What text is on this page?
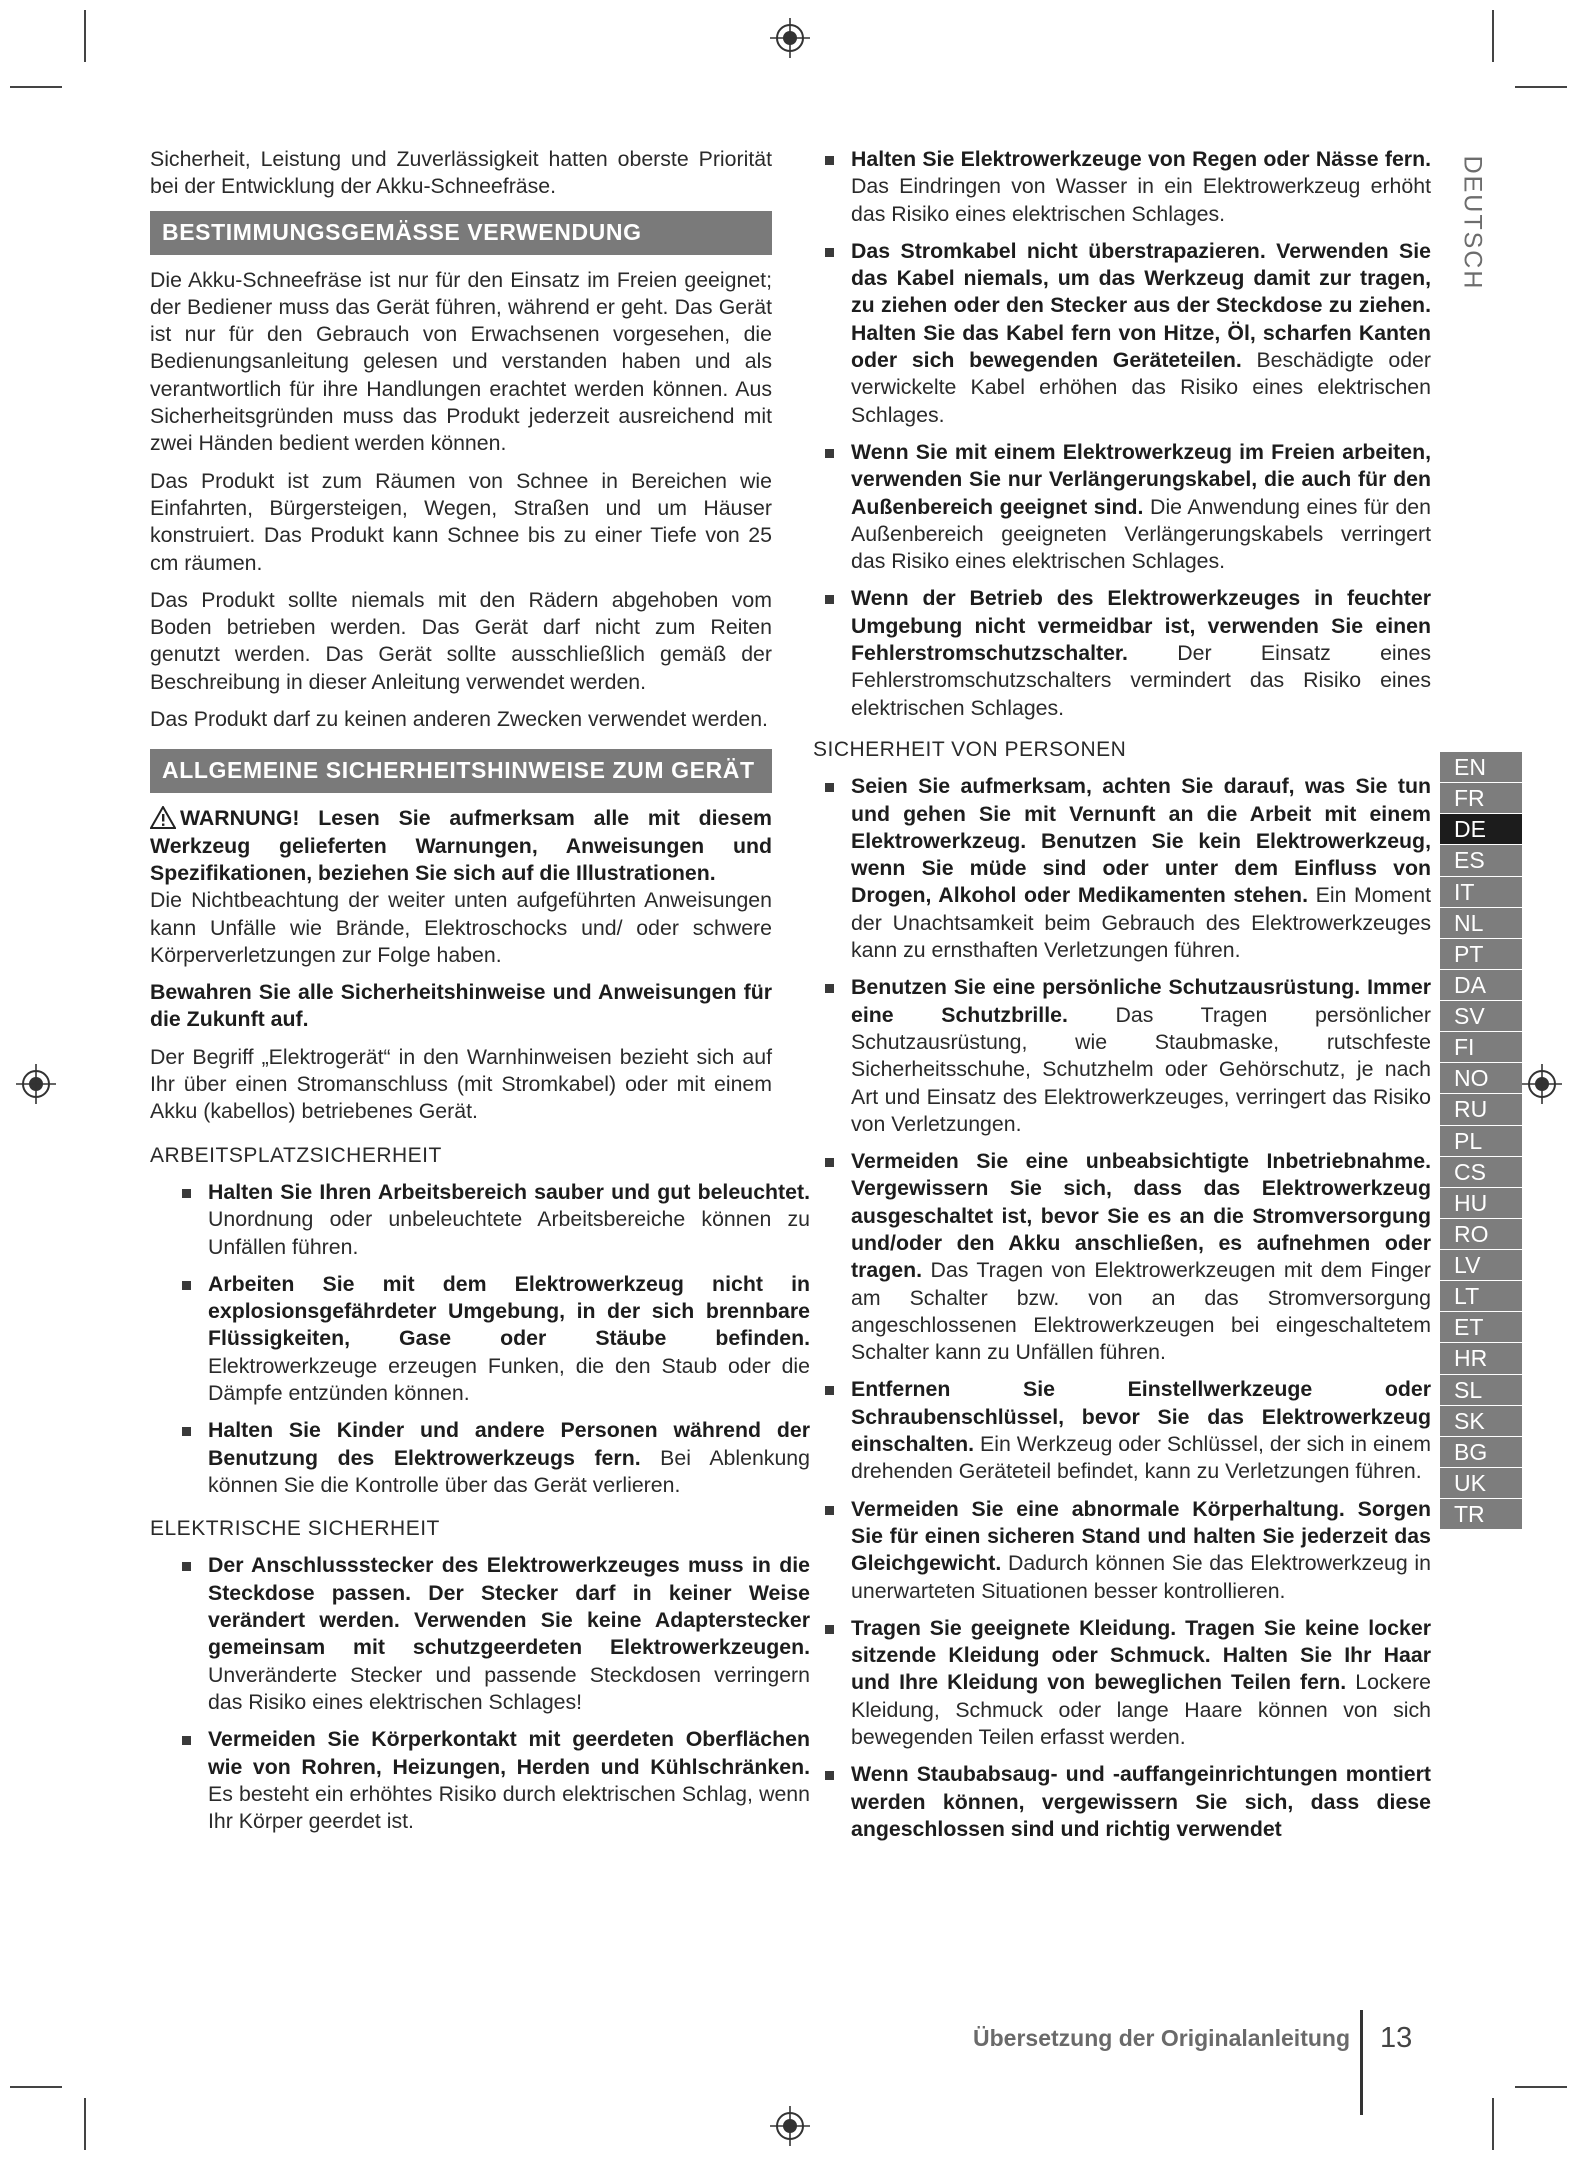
DEUTSCH

Sicherheit, Leistung und Zuverlässigkeit hatten oberste Priorität bei der Entwicklung der Akku-Schneefräse.

BESTIMMUNGSGEMÄSSE VERWENDUNG

Die Akku-Schneefräse ist nur für den Einsatz im Freien geeignet; der Bediener muss das Gerät führen, während er geht. Das Gerät ist nur für den Gebrauch von Erwachsenen vorgesehen, die Bedienungsanleitung gelesen und verstanden haben und als verantwortlich für ihre Handlungen erachtet werden können. Aus Sicherheitsgründen muss das Produkt jederzeit ausreichend mit zwei Händen bedient werden können.

Das Produkt ist zum Räumen von Schnee in Bereichen wie Einfahrten, Bürgersteigen, Wegen, Straßen und um Häuser konstruiert. Das Produkt kann Schnee bis zu einer Tiefe von 25 cm räumen.

Das Produkt sollte niemals mit den Rädern abgehoben vom Boden betrieben werden. Das Gerät darf nicht zum Reiten genutzt werden. Das Gerät sollte ausschließlich gemäß der Beschreibung in dieser Anleitung verwendet werden.

Das Produkt darf zu keinen anderen Zwecken verwendet werden.

ALLGEMEINE SICHERHEITSHINWEISE ZUM GERÄT

WARNUNG! Lesen Sie aufmerksam alle mit diesem Werkzeug gelieferten Warnungen, Anweisungen und Spezifikationen, beziehen Sie sich auf die Illustrationen.

Die Nichtbeachtung der weiter unten aufgeführten Anweisungen kann Unfälle wie Brände, Elektroschocks und/ oder schwere Körperverletzungen zur Folge haben.

Bewahren Sie alle Sicherheitshinweise und Anweisungen für die Zukunft auf.

Der Begriff „Elektrogerät“ in den Warnhinweisen bezieht sich auf Ihr über einen Stromanschluss (mit Stromkabel) oder mit einem Akku (kabellos) betriebenes Gerät.

ARBEITSPLATZSICHERHEIT
Halten Sie Ihren Arbeitsbereich sauber und gut beleuchtet. Unordnung oder unbeleuchtete Arbeitsbereiche können zu Unfällen führen.
Arbeiten Sie mit dem Elektrowerkzeug nicht in explosionsgefährdeter Umgebung, in der sich brennbare Flüssigkeiten, Gase oder Stäube befinden. Elektrowerkzeuge erzeugen Funken, die den Staub oder die Dämpfe entzünden können.
Halten Sie Kinder und andere Personen während der Benutzung des Elektrowerkzeugs fern. Bei Ablenkung können Sie die Kontrolle über das Gerät verlieren.
ELEKTRISCHE SICHERHEIT
Der Anschlussstecker des Elektrowerkzeuges muss in die Steckdose passen. Der Stecker darf in keiner Weise verändert werden. Verwenden Sie keine Adapterstecker gemeinsam mit schutzgeerdeten Elektrowerkzeugen. Unveränderte Stecker und passende Steckdosen verringern das Risiko eines elektrischen Schlages!
Vermeiden Sie Körperkontakt mit geerdeten Oberflächen wie von Rohren, Heizungen, Herden und Kühlschränken. Es besteht ein erhöhtes Risiko durch elektrischen Schlag, wenn Ihr Körper geerdet ist.
Halten Sie Elektrowerkzeuge von Regen oder Nässe fern. Das Eindringen von Wasser in ein Elektrowerkzeug erhöht das Risiko eines elektrischen Schlages.
Das Stromkabel nicht überstrapazieren. Verwenden Sie das Kabel niemals, um das Werkzeug damit zur tragen, zu ziehen oder den Stecker aus der Steckdose zu ziehen. Halten Sie das Kabel fern von Hitze, Öl, scharfen Kanten oder sich bewegenden Geräteteilen. Beschädigte oder verwickelte Kabel erhöhen das Risiko eines elektrischen Schlages.
Wenn Sie mit einem Elektrowerkzeug im Freien arbeiten, verwenden Sie nur Verlängerungskabel, die auch für den Außenbereich geeignet sind. Die Anwendung eines für den Außenbereich geeigneten Verlängerungskabels verringert das Risiko eines elektrischen Schlages.
Wenn der Betrieb des Elektrowerkzeuges in feuchter Umgebung nicht vermeidbar ist, verwenden Sie einen Fehlerstromschutzschalter. Der Einsatz eines Fehlerstromschutzschalters vermindert das Risiko eines elektrischen Schlages.
SICHERHEIT VON PERSONEN
Seien Sie aufmerksam, achten Sie darauf, was Sie tun und gehen Sie mit Vernunft an die Arbeit mit einem Elektrowerkzeug. Benutzen Sie kein Elektrowerkzeug, wenn Sie müde sind oder unter dem Einfluss von Drogen, Alkohol oder Medikamenten stehen. Ein Moment der Unachtsamkeit beim Gebrauch des Elektrowerkzeuges kann zu ernsthaften Verletzungen führen.
Benutzen Sie eine persönliche Schutzausrüstung. Immer eine Schutzbrille. Das Tragen persönlicher Schutzausrüstung, wie Staubmaske, rutschfeste Sicherheitsschuhe, Schutzhelm oder Gehörschutz, je nach Art und Einsatz des Elektrowerkzeuges, verringert das Risiko von Verletzungen.
Vermeiden Sie eine unbeabsichtigte Inbetriebnahme. Vergewissern Sie sich, dass das Elektrowerkzeug ausgeschaltet ist, bevor Sie es an die Stromversorgung und/oder den Akku anschließen, es aufnehmen oder tragen. Das Tragen von Elektrowerkzeugen mit dem Finger am Schalter bzw. von an das Stromversorgung angeschlossenen Elektrowerkzeugen bei eingeschaltetem Schalter kann zu Unfällen führen.
Entfernen Sie Einstellwerkzeuge oder Schraubenschlüssel, bevor Sie das Elektrowerkzeug einschalten. Ein Werkzeug oder Schlüssel, der sich in einem drehenden Geräteteil befindet, kann zu Verletzungen führen.
Vermeiden Sie eine abnormale Körperhaltung. Sorgen Sie für einen sicheren Stand und halten Sie jederzeit das Gleichgewicht. Dadurch können Sie das Elektrowerkzeug in unerwarteten Situationen besser kontrollieren.
Tragen Sie geeignete Kleidung. Tragen Sie keine locker sitzende Kleidung oder Schmuck. Halten Sie Ihr Haar und Ihre Kleidung von beweglichen Teilen fern. Lockere Kleidung, Schmuck oder lange Haare können von sich bewegenden Teilen erfasst werden.
Wenn Staubabsaug- und -auffangeinrichtungen montiert werden können, vergewissern Sie sich, dass diese angeschlossen sind und richtig verwendet
EN
FR
DE
ES
IT
NL
PT
DA
SV
FI
NO
RU
PL
CS
HU
RO
LV
LT
ET
HR
SL
SK
BG
UK
TR
Übersetzung der Originalanleitung 13
